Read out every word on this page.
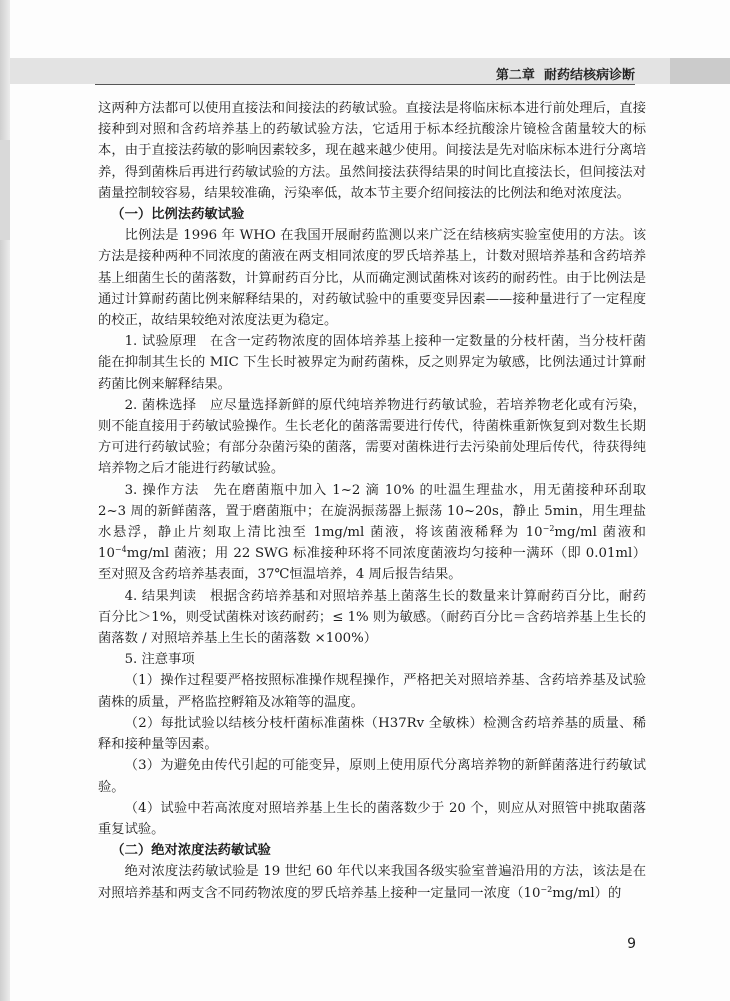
第二章 耐药结核病诊断

这两种方法都可以使用直接法和间接法的药敏试验。直接法是将临床标本进行前处理后，直接接种到对照和含药培养基上的药敏试验方法，它适用于标本经抗酸涂片镜检含菌量较大的标本，由于直接法药敏的影响因素较多，现在越来越少使用。间接法是先对临床标本进行分离培养，得到菌株后再进行药敏试验的方法。虽然间接法获得结果的时间比直接法长，但间接法对菌量控制较容易，结果较准确，污染率低，故本节主要介绍间接法的比例法和绝对浓度法。

（一）比例法药敏试验

比例法是 1996 年 WHO 在我国开展耐药监测以来广泛在结核病实验室使用的方法。该方法是接种两种不同浓度的菌液在两支相同浓度的罗氏培养基上，计数对照培养基和含药培养基上细菌生长的菌落数，计算耐药百分比，从而确定测试菌株对该药的耐药性。由于比例法是通过计算耐药菌比例来解释结果的，对药敏试验中的重要变异因素——接种量进行了一定程度的校正，故结果较绝对浓度法更为稳定。

1. 试验原理　在含一定药物浓度的固体培养基上接种一定数量的分枝杆菌，当分枝杆菌能在抑制其生长的 MIC 下生长时被界定为耐药菌株，反之则界定为敏感，比例法通过计算耐药菌比例来解释结果。

2. 菌株选择　应尽量选择新鲜的原代纯培养物进行药敏试验，若培养物老化或有污染，则不能直接用于药敏试验操作。生长老化的菌落需要进行传代，待菌株重新恢复到对数生长期方可进行药敏试验；有部分杂菌污染的菌落，需要对菌株进行去污染前处理后传代，待获得纯培养物之后才能进行药敏试验。

3. 操作方法　先在磨菌瓶中加入 1~2 滴 10% 的吐温生理盐水，用无菌接种环刮取 2~3 周的新鲜菌落，置于磨菌瓶中；在旋涡振荡器上振荡 10~20s，静止 5min，用生理盐水悬浮，静止片刻取上清比浊至 1mg/ml 菌液，将该菌液稀释为 $10^{-2}mg/ml$ 菌液和 $10^{-4}mg/ml$ 菌液；用 22 SWG 标准接种环将不同浓度菌液均匀接种一满环（即 0.01ml）至对照及含药培养基表面，37℃恒温培养，4 周后报告结果。

4. 结果判读　根据含药培养基和对照培养基上菌落生长的数量来计算耐药百分比，耐药百分比＞1%，则受试菌株对该药耐药；≤ 1% 则为敏感。（耐药百分比＝含药培养基上生长的菌落数 / 对照培养基上生长的菌落数 ×100%）

5. 注意事项

（1）操作过程要严格按照标准操作规程操作，严格把关对照培养基、含药培养基及试验菌株的质量，严格监控孵箱及冰箱等的温度。

（2）每批试验以结核分枝杆菌标准菌株（H37Rv 全敏株）检测含药培养基的质量、稀释和接种量等因素。

（3）为避免由传代引起的可能变异，原则上使用原代分离培养物的新鲜菌落进行药敏试验。

（4）试验中若高浓度对照培养基上生长的菌落数少于 20 个，则应从对照管中挑取菌落重复试验。

（二）绝对浓度法药敏试验

绝对浓度法药敏试验是 19 世纪 60 年代以来我国各级实验室普遍沿用的方法，该法是在对照培养基和两支含不同药物浓度的罗氏培养基上接种一定量同一浓度$(10^{-2}mg/ml)$的

9
